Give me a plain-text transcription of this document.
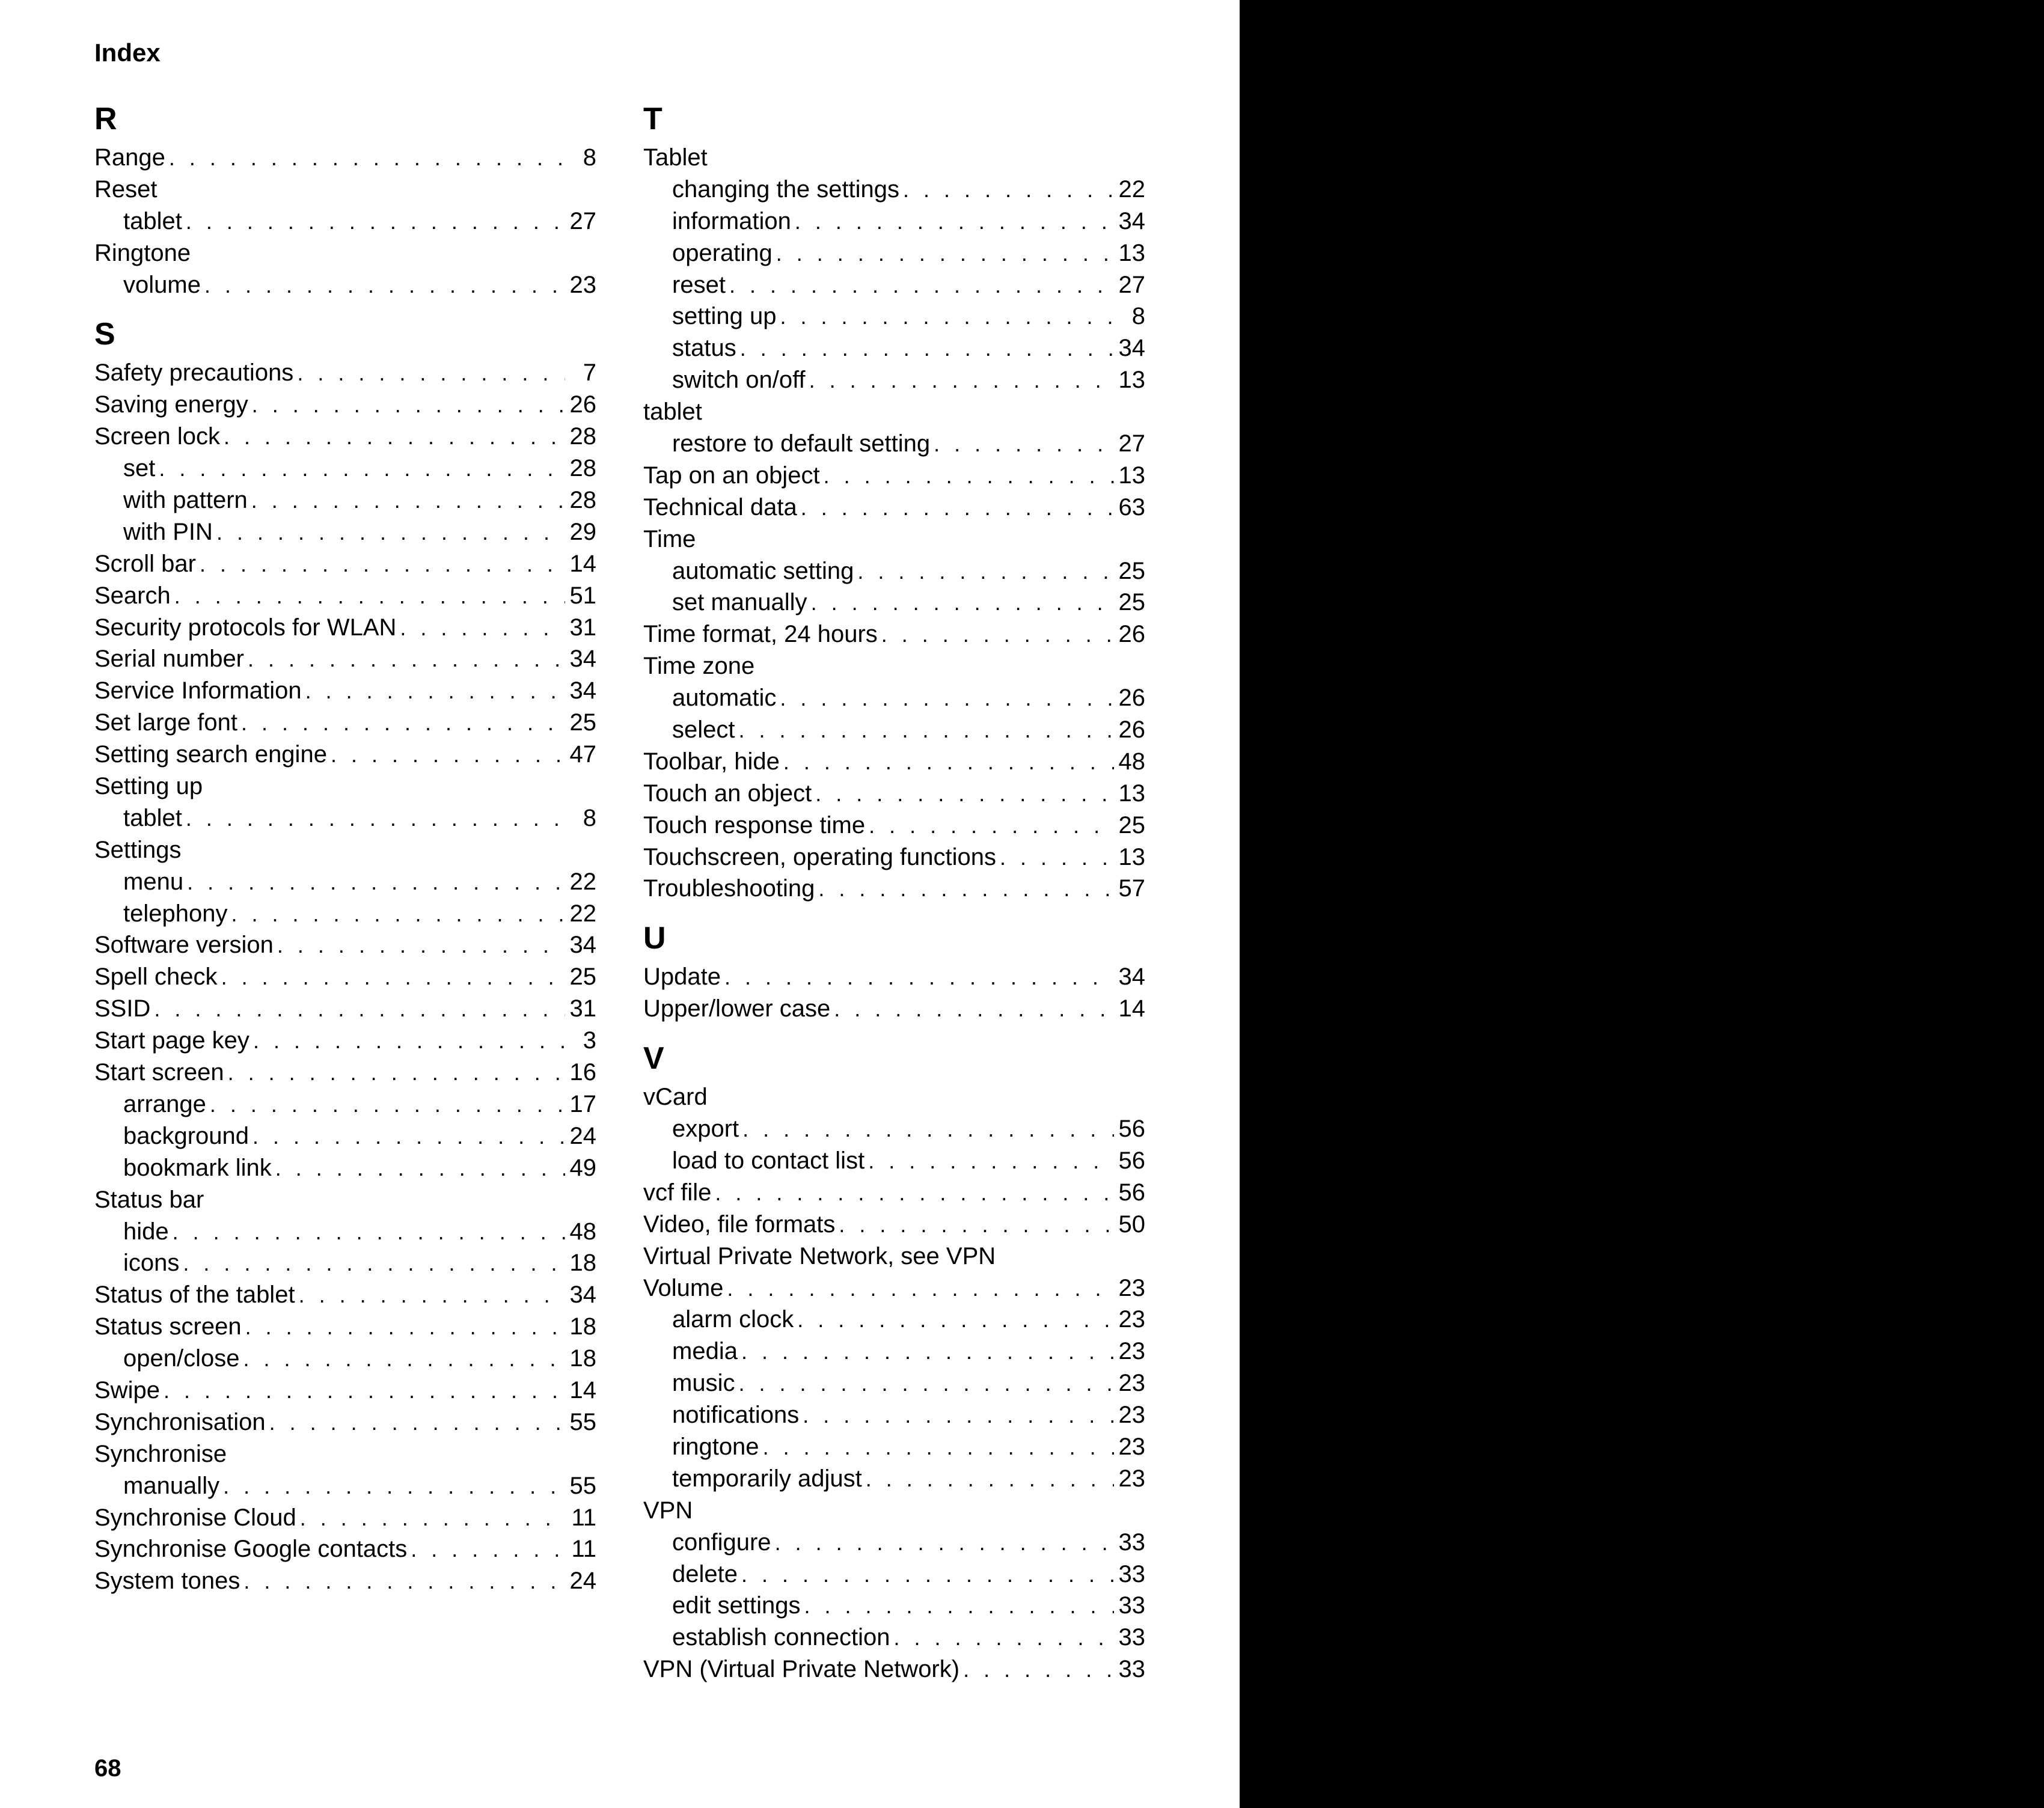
Index
R
Range . . .	8
Reset
tablet . . .	27
Ringtone
volume . . .	23
S
Safety precautions . . .	7
Saving energy . . .	26
Screen lock . . .	28
set . . .	28
with pattern . . .	28
with PIN . . .	29
Scroll bar . . .	14
Search . . .	51
Security protocols for WLAN . . .	31
Serial number . . .	34
Service Information . . .	34
Set large font . . .	25
Setting search engine . . .	47
Setting up
tablet . . .	8
Settings
menu . . .	22
telephony . . .	22
Software version . . .	34
Spell check . . .	25
SSID . . .	31
Start page key . . .	3
Start screen . . .	16
arrange . . .	17
background . . .	24
bookmark link . . .	49
Status bar
hide . . .	48
icons . . .	18
Status of the tablet . . .	34
Status screen . . .	18
open/close . . .	18
Swipe . . .	14
Synchronisation . . .	55
Synchronise
manually . . .	55
Synchronise Cloud . . .	11
Synchronise Google contacts . . .	11
System tones . . .	24
T
Tablet
changing the settings . . .	22
information . . .	34
operating . . .	13
reset . . .	27
setting up . . .	8
status . . .	34
switch on/off . . .	13
tablet
restore to default setting . . .	27
Tap on an object . . .	13
Technical data . . .	63
Time
automatic setting . . .	25
set manually . . .	25
Time format, 24 hours . . .	26
Time zone
automatic . . .	26
select . . .	26
Toolbar, hide . . .	48
Touch an object . . .	13
Touch response time . . .	25
Touchscreen, operating functions . . .	13
Troubleshooting . . .	57
U
Update . . .	34
Upper/lower case . . .	14
V
vCard
export . . .	56
load to contact list . . .	56
vcf file . . .	56
Video, file formats . . .	50
Virtual Private Network, see VPN
Volume . . .	23
alarm clock . . .	23
media . . .	23
music . . .	23
notifications . . .	23
ringtone . . .	23
temporarily adjust . . .	23
VPN
configure . . .	33
delete . . .	33
edit settings . . .	33
establish connection . . .	33
VPN (Virtual Private Network) . . .	33
68
